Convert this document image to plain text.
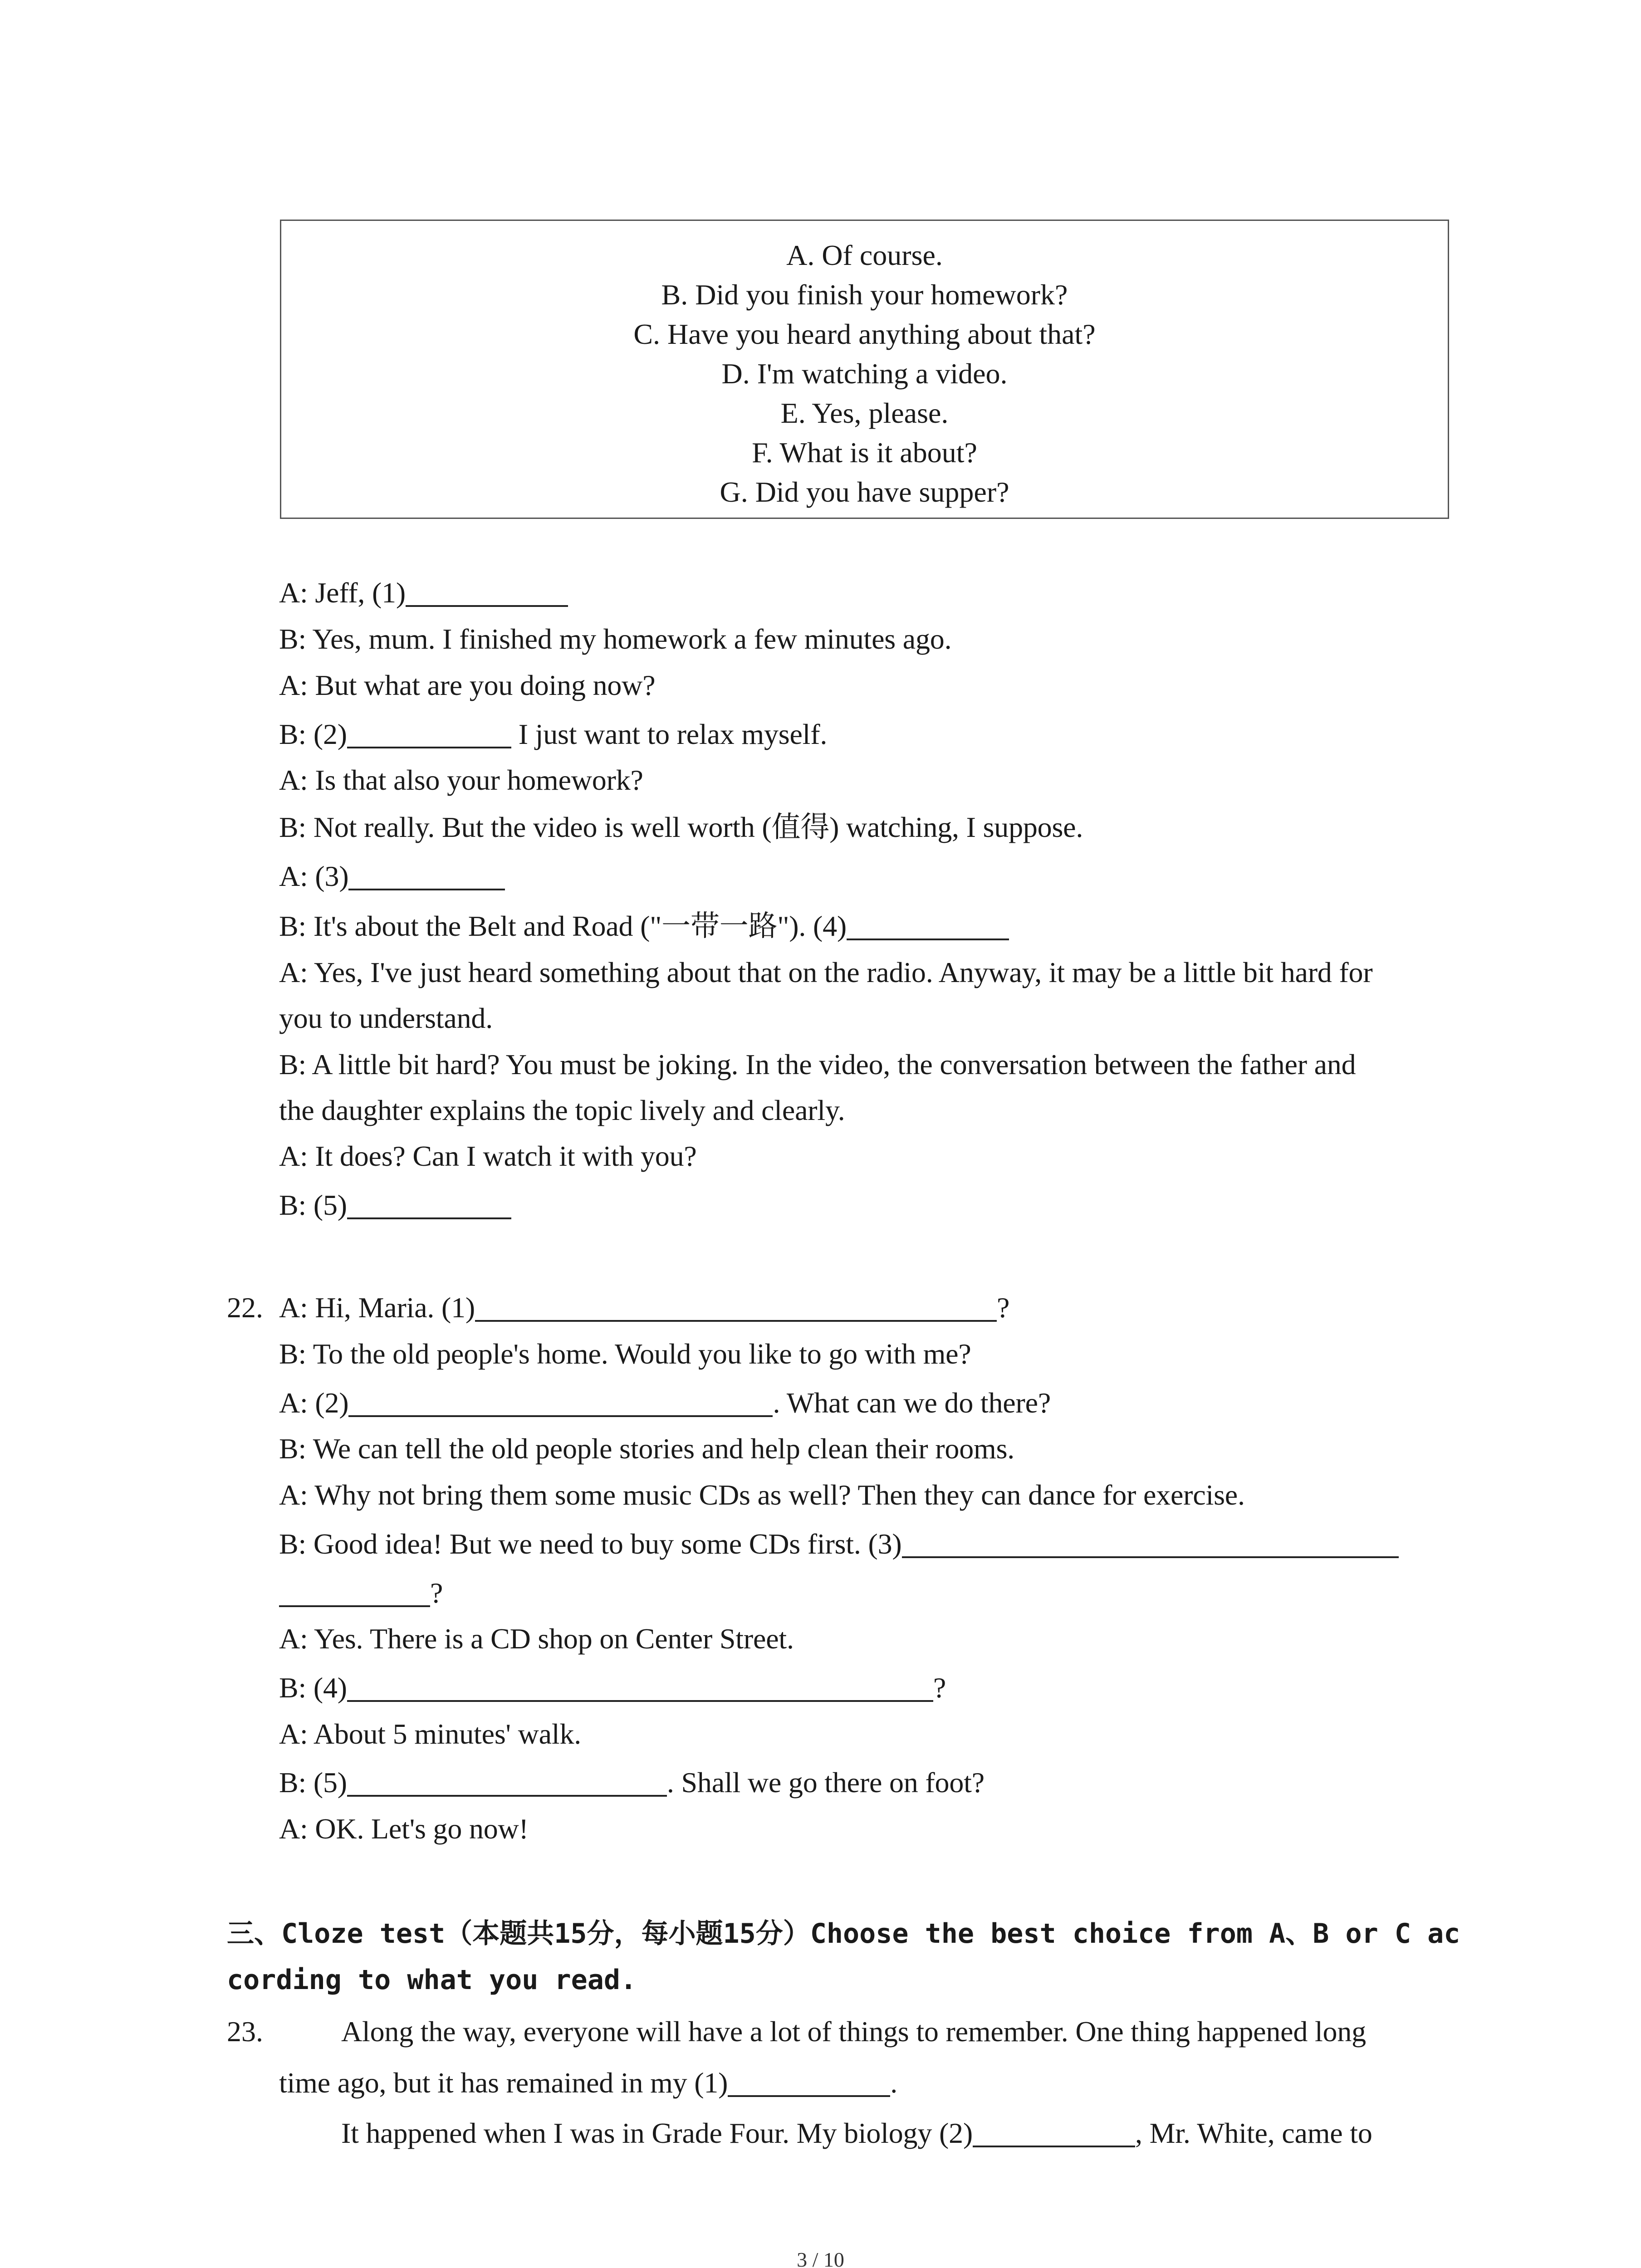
A. Of course.
B. Did you finish your homework?
C. Have you heard anything about that?
D. I'm watching a video.
E. Yes, please.
F. What is it about?
G. Did you have supper?
A: Jeff, (1)
B: Yes, mum. I finished my homework a few minutes ago.
A: But what are you doing now?
B: (2)	I just want to relax myself.
A: Is that also your homework?
B: Not really. But the video is well worth (值得) watching, I suppose.
A: (3)
B: It's about the Belt and Road ("一带一路"). (4)
A: Yes, I've just heard something about that on the radio. Anyway, it may be a little bit hard for
you to understand.
B: A little bit hard? You must be joking. In the video, the conversation between the father and
the daughter explains the topic lively and clearly.
A: It does? Can I watch it with you?
B: (5)
22. A: Hi, Maria. (1)	?
B: To the old people's home. Would you like to go with me?
A: (2)	. What can we do there?
B: We can tell the old people stories and help clean their rooms.
A: Why not bring them some music CDs as well? Then they can dance for exercise.
B: Good idea! But we need to buy some CDs first. (3)
?
A: Yes. There is a CD shop on Center Street.
B: (4)	?
A: About 5 minutes' walk.
B: (5)	. Shall we go there on foot?
A: OK. Let's go now!
三、Cloze test（本题共15分，每小题15分）Choose the best choice from A、B or C ac
cording to what you read.
23.	Along the way, everyone will have a lot of things to remember. One thing happened long
time ago, but it has remained in my (1)	.
It happened when I was in Grade Four. My biology (2)	, Mr. White, came to
3 / 10
